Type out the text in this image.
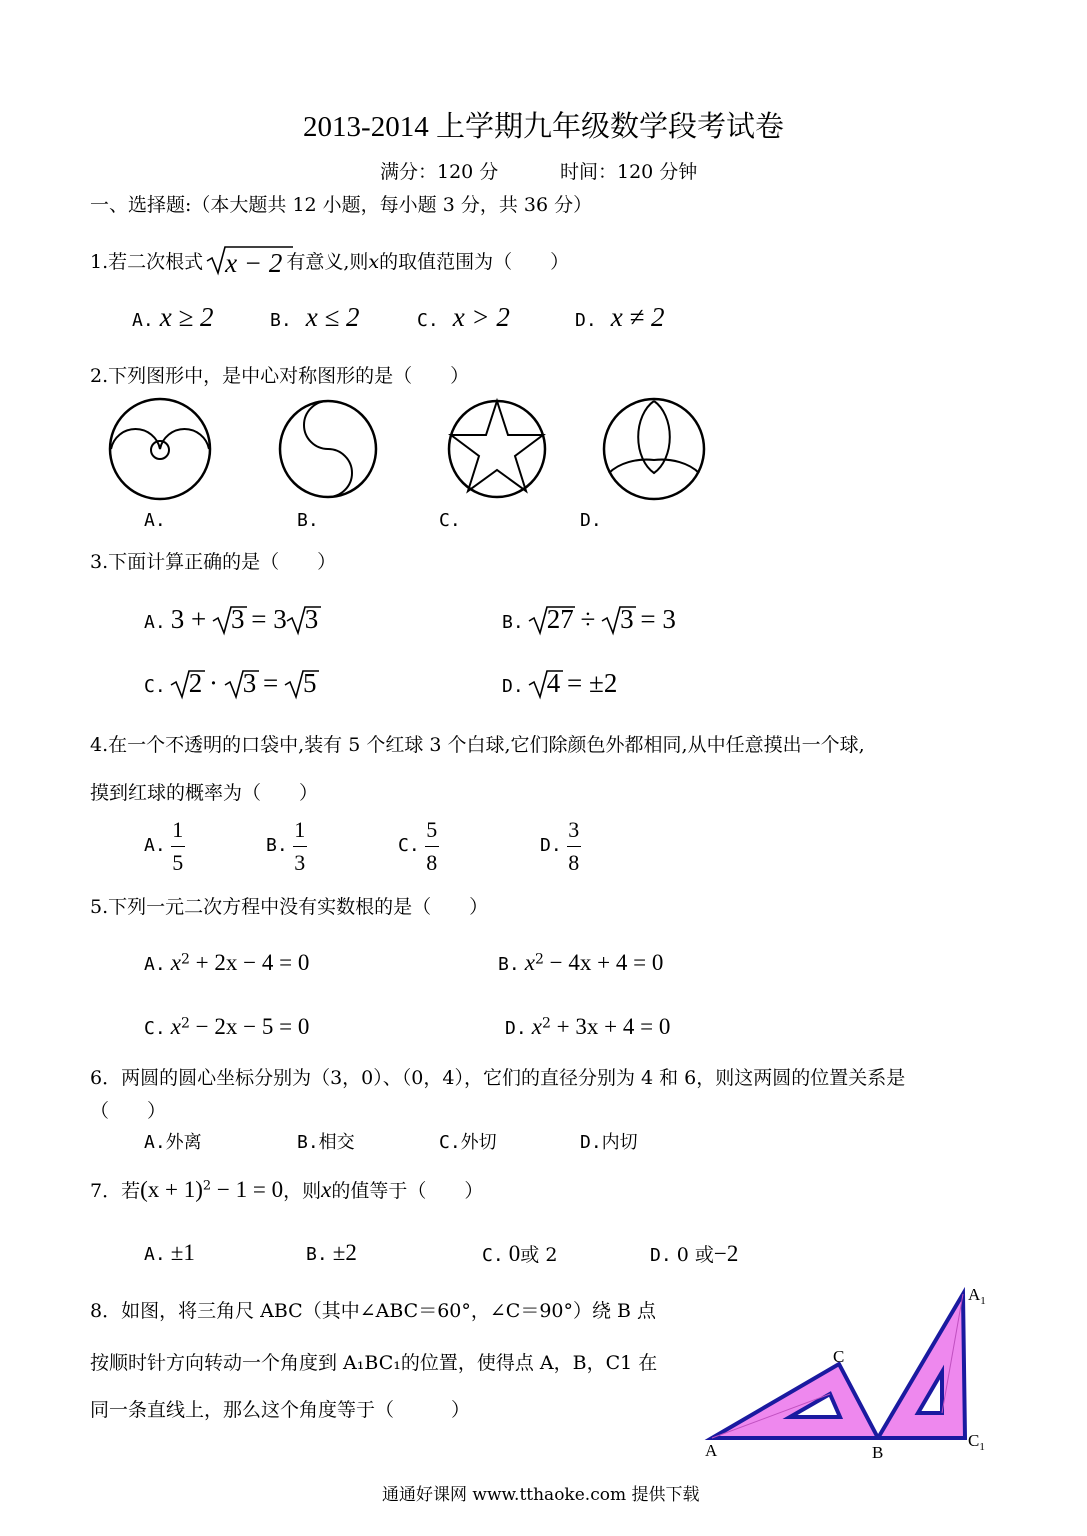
2013-2014 上学期九年级数学段考试卷
满分：120 分	时间：120 分钟
一、选择题:（本大题共 12 小题，每小题 3 分，共 36 分）
1.若二次根式 x − 2 有意义,则x的取值范围为（　　）
A. x ≥ 2	B. x ≤ 2	C. x > 2	D. x ≠ 2
2.下列图形中，是中心对称图形的是（　　）
A.	B.	C.	D.
3.下面计算正确的是（　　）
A. 3 +
3 = 3 3	B. 27 ÷
3 = 3
C. 2 ·
3 =
5	D. 4 = ±2
4.在一个不透明的口袋中,装有 5 个红球 3 个白球,它们除颜色外都相同,从中任意摸出一个球,
摸到红球的概率为（　　）
A. $\frac{1}{5}$	B. $\frac{1}{3}$	C. $\frac{5}{8}$	D. $\frac{3}{8}$
5.下列一元二次方程中没有实数根的是（　　）
A. $x^2 + 2x - 4 = 0$	B. $x^2 - 4x + 4 = 0$
C. $x^2 - 2x - 5 = 0$	D. $x^2 + 3x + 4 = 0$
6．两圆的圆心坐标分别为（3，0）、（0，4），它们的直径分别为 4 和 6，则这两圆的位置关系是
（　　）
A.外离	B.相交	C.外切	D.内切
7．若$(x + 1)^2 - 1 = 0$，则x的值等于（　　）
A. ±1	B. ±2	C. 0或 2	D. 0 或−2
8．如图，将三角尺 ABC（其中∠ABC＝60°，∠C＝90°）绕 B 点
按顺时针方向转动一个角度到 A₁BC₁的位置，使得点 A，B，C1 在
同一条直线上，那么这个角度等于（　　　）
A
C
B
$A_1$
$C_1$
通通好课网 www.tthaoke.com 提供下载
